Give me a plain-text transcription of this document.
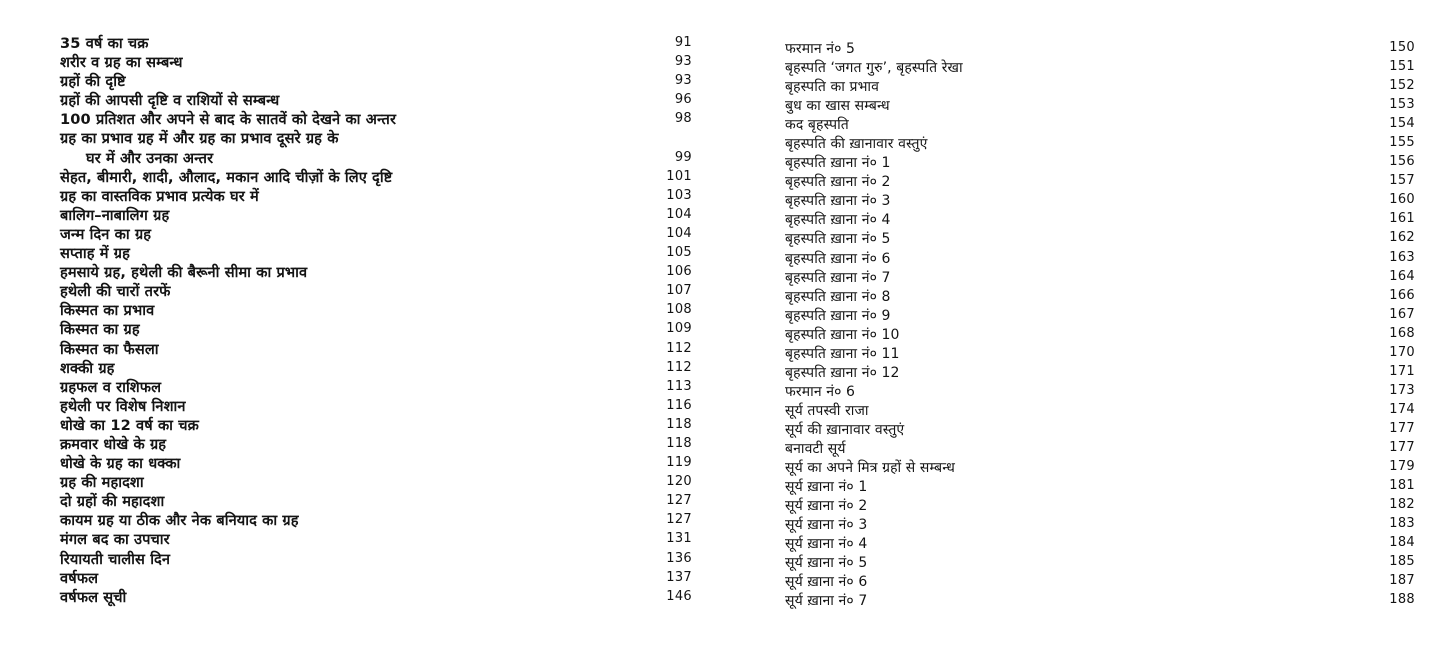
35 वर्ष का चक्र	91
शरीर व ग्रह का सम्बन्ध	93
ग्रहों की दृष्टि	93
ग्रहों की आपसी दृष्टि व राशियों से सम्बन्ध	96
100 प्रतिशत और अपने से बाद के सातवें को देखने का अन्तर	98
ग्रह का प्रभाव ग्रह में और ग्रह का प्रभाव दूसरे ग्रह के
घर में और उनका अन्तर	99
सेहत, बीमारी, शादी, औलाद, मकान आदि चीज़ों के लिए दृष्टि	101
ग्रह का वास्तविक प्रभाव प्रत्येक घर में	103
बालिग–नाबालिग ग्रह	104
जन्म दिन का ग्रह	104
सप्ताह में ग्रह	105
हमसाये ग्रह, हथेली की बैरूनी सीमा का प्रभाव	106
हथेली की चारों तरफें	107
किस्मत का प्रभाव	108
किस्मत का ग्रह	109
किस्मत का फैसला	112
शक्की ग्रह	112
ग्रहफल व राशिफल	113
हथेली पर विशेष निशान	116
धोखे का 12 वर्ष का चक्र	118
क्रमवार धोखे के ग्रह	118
धोखे के ग्रह का धक्का	119
ग्रह की महादशा	120
दो ग्रहों की महादशा	127
कायम ग्रह या ठीक और नेक बनियाद का ग्रह	127
मंगल बद का उपचार	131
रियायती चालीस दिन	136
वर्षफल	137
वर्षफल सूची	146
फरमान नं० 5	150
बृहस्पति ‘जगत गुरु’, बृहस्पति रेखा	151
बृहस्पति का प्रभाव	152
बुध का खास सम्बन्ध	153
कद बृहस्पति	154
बृहस्पति की ख़ानावार वस्तुएं	155
बृहस्पति ख़ाना नं० 1	156
बृहस्पति ख़ाना नं० 2	157
बृहस्पति ख़ाना नं० 3	160
बृहस्पति ख़ाना नं० 4	161
बृहस्पति ख़ाना नं० 5	162
बृहस्पति ख़ाना नं० 6	163
बृहस्पति ख़ाना नं० 7	164
बृहस्पति ख़ाना नं० 8	166
बृहस्पति ख़ाना नं० 9	167
बृहस्पति ख़ाना नं० 10	168
बृहस्पति ख़ाना नं० 11	170
बृहस्पति ख़ाना नं० 12	171
फरमान नं० 6	173
सूर्य तपस्वी राजा	174
सूर्य की ख़ानावार वस्तुएं	177
बनावटी सूर्य	177
सूर्य का अपने मित्र ग्रहों से सम्बन्ध	179
सूर्य ख़ाना नं० 1	181
सूर्य ख़ाना नं० 2	182
सूर्य ख़ाना नं० 3	183
सूर्य ख़ाना नं० 4	184
सूर्य ख़ाना नं० 5	185
सूर्य ख़ाना नं० 6	187
सूर्य ख़ाना नं० 7	188
